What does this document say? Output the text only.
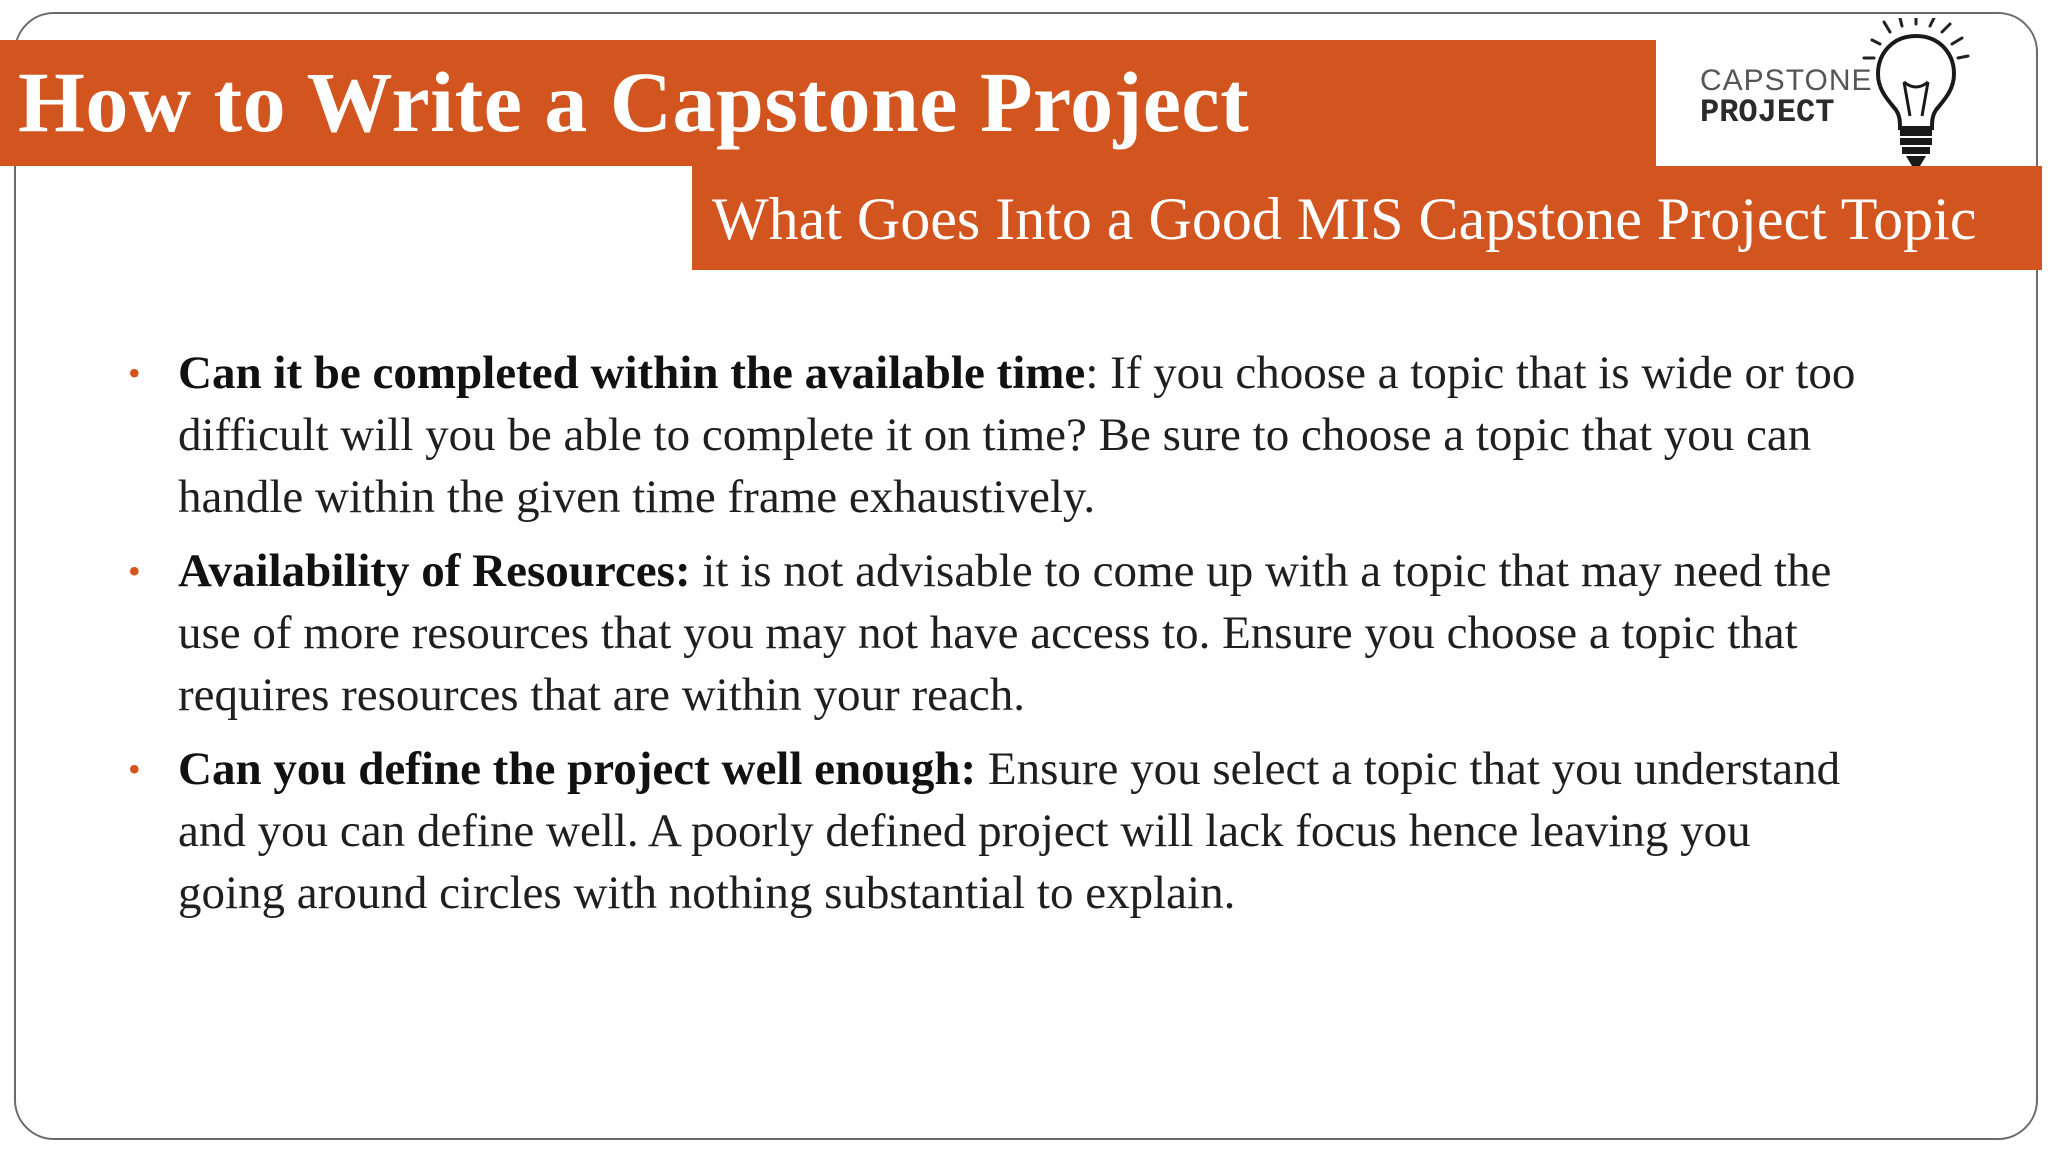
How to Write a Capstone Project	CAPSTONE
PROJECT
What Goes Into a Good MIS Capstone Project Topic
• Can it be completed within the available time: If you choose a topic that is wide or too difficult will you be able to complete it on time? Be sure to choose a topic that you can handle within the given time frame exhaustively.
• Availability of Resources: it is not advisable to come up with a topic that may need the use of more resources that you may not have access to. Ensure you choose a topic that requires resources that are within your reach.
• Can you define the project well enough: Ensure you select a topic that you understand and you can define well. A poorly defined project will lack focus hence leaving you going around circles with nothing substantial to explain.
